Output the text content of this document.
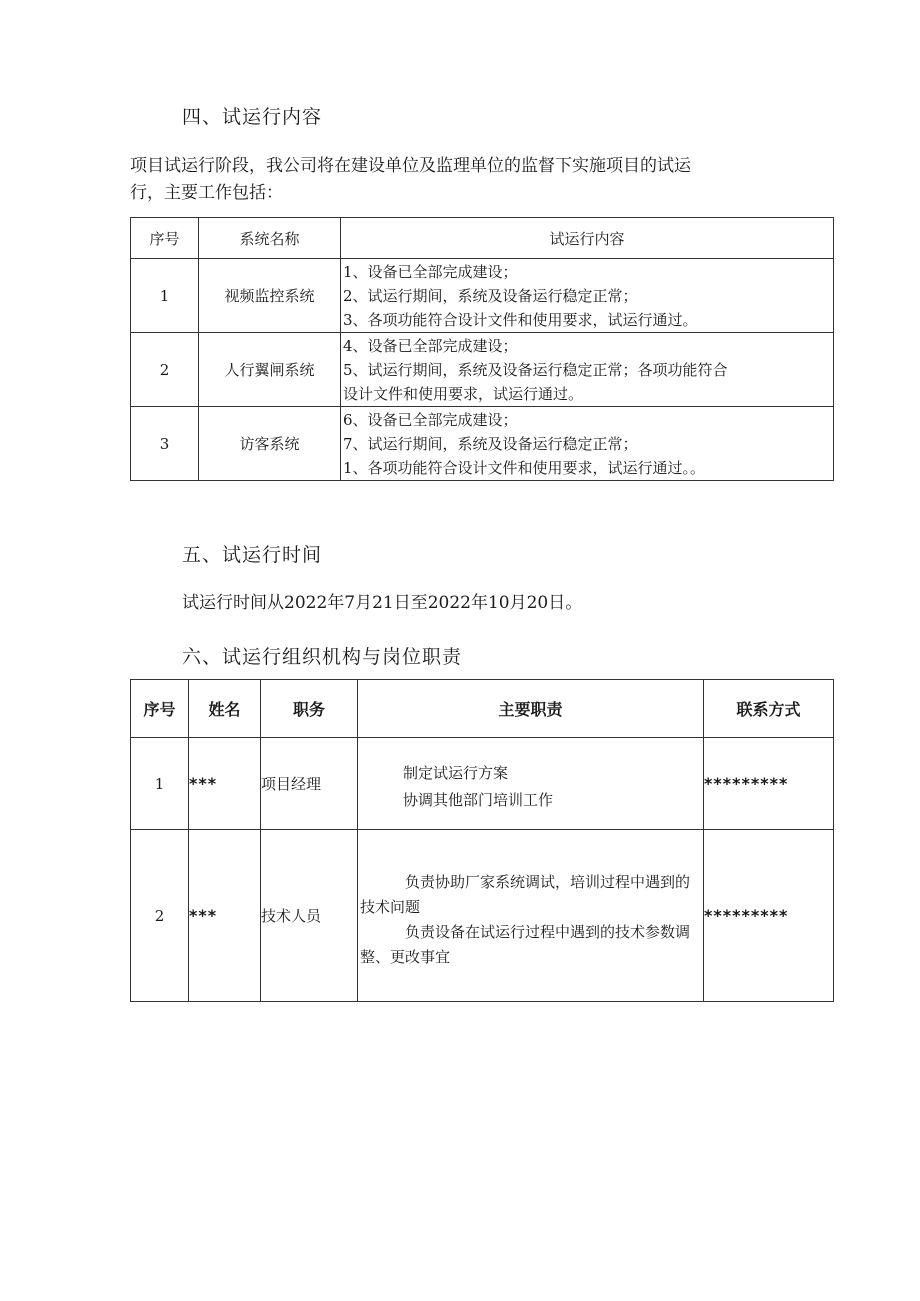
四、试运行内容
项目试运行阶段，我公司将在建设单位及监理单位的监督下实施项目的试运
行，主要工作包括：
序号	系统名称	试运行内容
1	视频监控系统	1、设备已全部完成建设；
2、试运行期间，系统及设备运行稳定正常；
3、各项功能符合设计文件和使用要求，试运行通过。

2	人行翼闸系统	4、设备已全部完成建设；
5、试运行期间，系统及设备运行稳定正常；各项功能符合
设计文件和使用要求，试运行通过。

3	访客系统	6、设备已全部完成建设；
7、试运行期间，系统及设备运行稳定正常；
1、各项功能符合设计文件和使用要求，试运行通过。。
五、试运行时间
试运行时间从2022年7月21日至2022年10月20日。
六、试运行组织机构与岗位职责
序号	姓名	职务	主要职责	联系方式
1	***	项目经理	制定试运行方案
协调其他部门培训工作	*********
2	***	技术人员	负责协助厂家系统调试，培训过程中遇到的技术问题
负责设备在试运行过程中遇到的技术参数调整、更改事宜	*********
